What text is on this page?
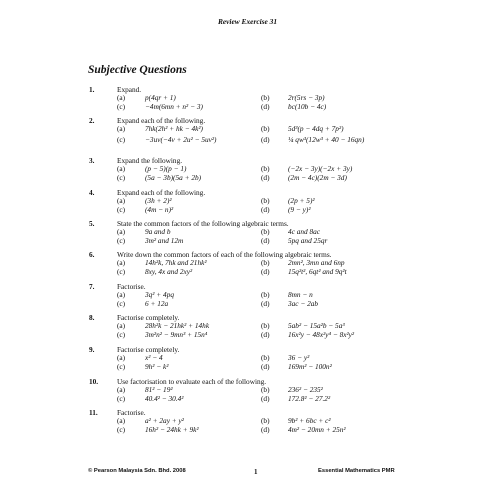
Review Exercise 31
Subjective Questions
1.	Expand.
(a)	p(4qr + 1)	(b)	2r(5rs − 3p)
(c)	−4m(6mn + n² − 3)	(d)	bc(10b − 4c)
2.	Expand each of the following.
(a)	7hk(2h² + hk − 4k²)	(b)	5d³(p − 4dq + 7p²)
(c)	−3uv(−4v + 2u² − 5uv²)	(d)	¼ qw³(12w³ + 40 − 16qn)
3.	Expand the following.
(a)	(p − 5)(p − 1)	(b)	(−2x − 3y)(−2x + 3y)
(c)	(5a − 3b)(5a + 2b)	(d)	(2m − 4c)(2m − 3d)
4.	Expand each of the following.
(a)	(3h + 2)²	(b)	(2p + 5)²
(c)	(4m − n)²	(d)	(9 − y)²
5.	State the common factors of the following algebraic terms.
(a)	9a and b	(b)	4c and 8ac
(c)	3m² and 12m	(d)	5pq and 25qr
6.	Write down the common factors of each of the following algebraic terms.
(a)	14h²k, 7hk and 21hk²	(b)	2mn², 3mn and 6np
(c)	8xy, 4x and 2xy²	(d)	15q²t², 6qt² and 9q²t
7.	Factorise.
(a)	3q² + 4pq	(b)	8mn − n
(c)	6 + 12a	(d)	3ac − 2ab
8.	Factorise completely.
(a)	28h²k − 21hk² + 14hk	(b)	5ab² − 15a²b − 5a³
(c)	3m²n² − 9mn³ + 15n⁴	(d)	16x²y − 48x²y⁴ − 8x²y²
9.	Factorise completely.
(a)	x² − 4	(b)	36 − y²
(c)	9h² − k²	(d)	169m² − 100n²
10.	Use factorisation to evaluate each of the following.
(a)	81² − 19²	(b)	236² − 235²
(c)	40.4² − 30.4²	(d)	172.8² − 27.2²
11.	Factorise.
(a)	a² + 2ay + y²	(b)	9b² + 6bc + c²
(c)	16h² − 24hk + 9k²	(d)	4m² − 20mn + 25n²
© Pearson Malaysia Sdn. Bhd. 2008	1	Essential Mathematics PMR
